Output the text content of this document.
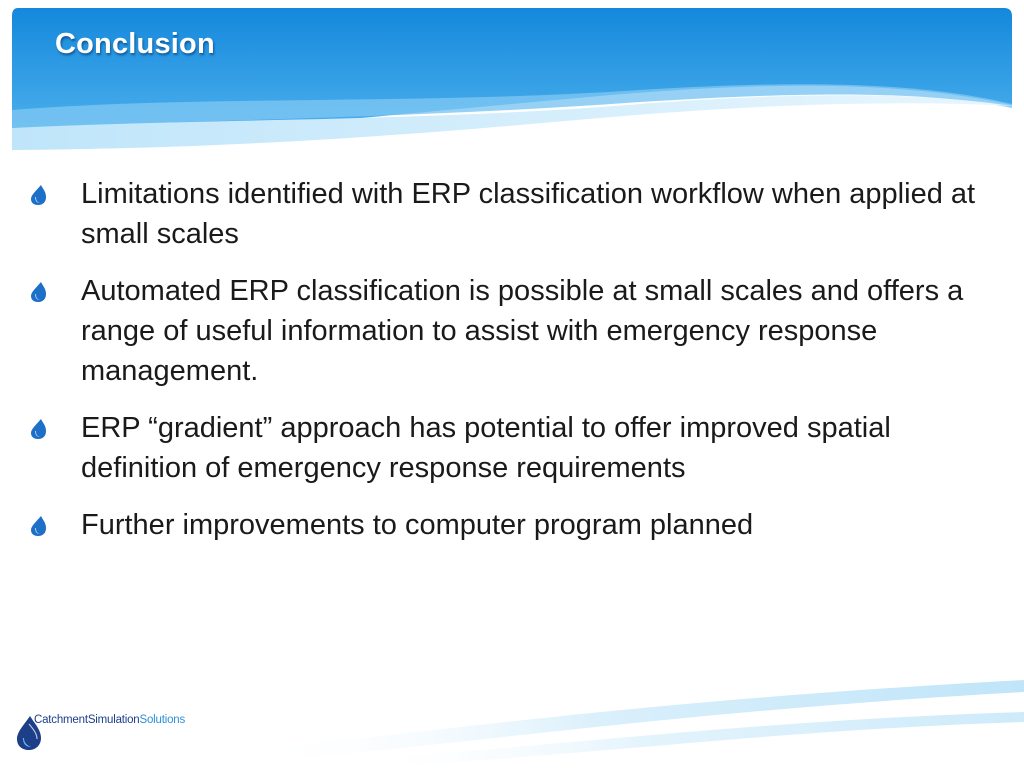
Conclusion
Limitations identified with ERP classification workflow when applied at small scales
Automated ERP classification is possible at small scales and offers a range of useful information to assist with emergency response management.
ERP “gradient” approach has potential to offer improved spatial definition of emergency response requirements
Further improvements to computer program planned
CatchmentSimulationSolutions
